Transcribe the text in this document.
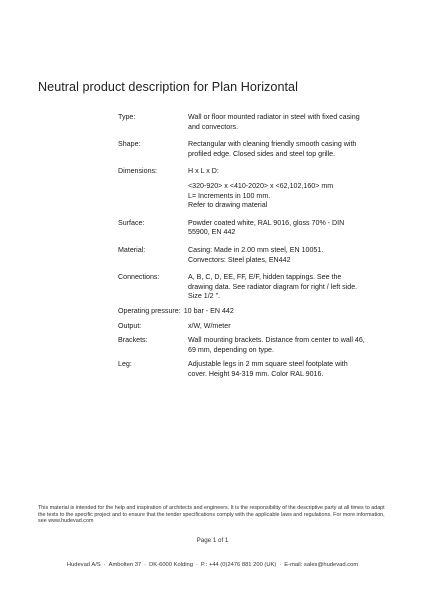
Neutral product description for Plan Horizontal
Type:	Wall or floor mounted radiator in steel with fixed casing
and convectors.
Shape:	Rectangular with cleaning friendly smooth casing with
profiled edge. Closed sides and steel top grille.
Dimensions:	H x L x D:
<320-920> x <410-2020> x <62,102,160> mm
L= Increments in 100 mm.
Refer to drawing material
Surface:	Powder coated white, RAL 9016, gloss 70% - DIN
55900, EN 442
Material:	Casing: Made in 2.00 mm steel, EN 10051.
Convectors: Steel plates, EN442
Connections:	A, B, C, D, EE, FF, E/F, hidden tappings. See the
drawing data. See radiator diagram for right / left side.
Size 1/2 ".
Operating pressure: 10 bar - EN 442
Output:	x/W, W/meter
Brackets:	Wall mounting brackets. Distance from center to wall 46,
69 mm, depending on type.
Leg:	Adjustable legs in 2 mm square steel footplate with
cover. Height 94-319 mm. Color RAL 9016.
This material is intended for the help and inspiration of architects and engineers. It is the responsibility of the descriptive party at all times to adapt the texts to the specific project and to ensure that the tender specifications comply with the applicable laws and regulations. For more information, see www.hudevad.com
Page 1 of 1
Hudevad A/S · Ambolten 37 · DK-6000 Kolding · P.: +44 (0)2476 881 200 (UK) · E-mail: sales@hudevad.com
